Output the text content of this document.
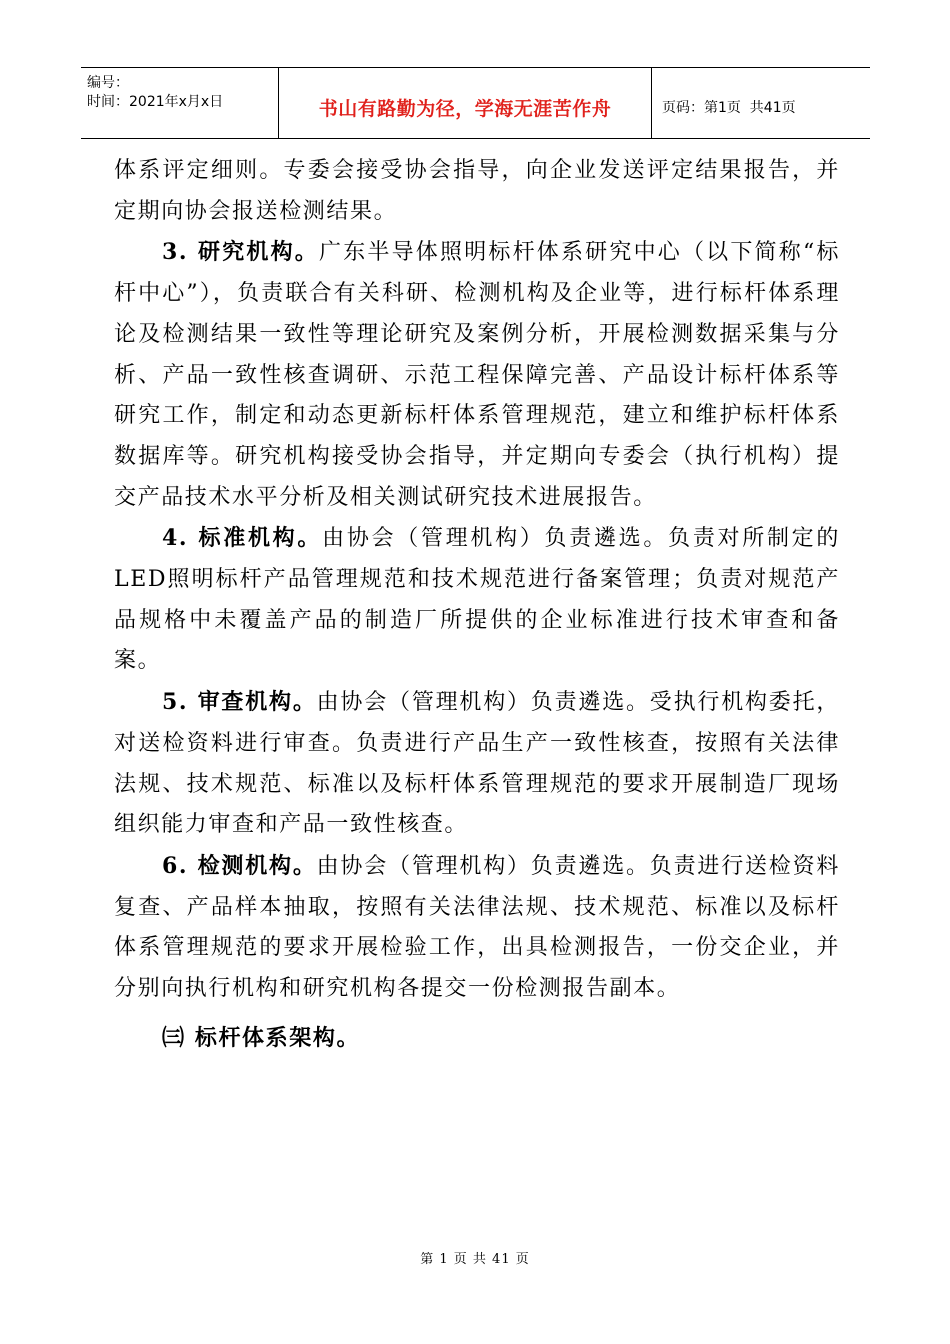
编号：
时间：2021年x月x日	书山有路勤为径，学海无涯苦作舟	页码：第1页  共41页

体系评定细则。专委会接受协会指导，向企业发送评定结果报告，并定期向协会报送检测结果。

3. 研究机构。广东半导体照明标杆体系研究中心（以下简称“标杆中心”），负责联合有关科研、检测机构及企业等，进行标杆体系理论及检测结果一致性等理论研究及案例分析，开展检测数据采集与分析、产品一致性核查调研、示范工程保障完善、产品设计标杆体系等研究工作，制定和动态更新标杆体系管理规范，建立和维护标杆体系数据库等。研究机构接受协会指导，并定期向专委会（执行机构）提交产品技术水平分析及相关测试研究技术进展报告。

4. 标准机构。由协会（管理机构）负责遴选。负责对所制定的LED照明标杆产品管理规范和技术规范进行备案管理；负责对规范产品规格中未覆盖产品的制造厂所提供的企业标准进行技术审查和备案。

5. 审查机构。由协会（管理机构）负责遴选。受执行机构委托，对送检资料进行审查。负责进行产品生产一致性核查，按照有关法律法规、技术规范、标准以及标杆体系管理规范的要求开展制造厂现场组织能力审查和产品一致性核查。

6. 检测机构。由协会（管理机构）负责遴选。负责进行送检资料复查、产品样本抽取，按照有关法律法规、技术规范、标准以及标杆体系管理规范的要求开展检验工作，出具检测报告，一份交企业，并分别向执行机构和研究机构各提交一份检测报告副本。

㈢ 标杆体系架构。

第 1 页 共 41 页
